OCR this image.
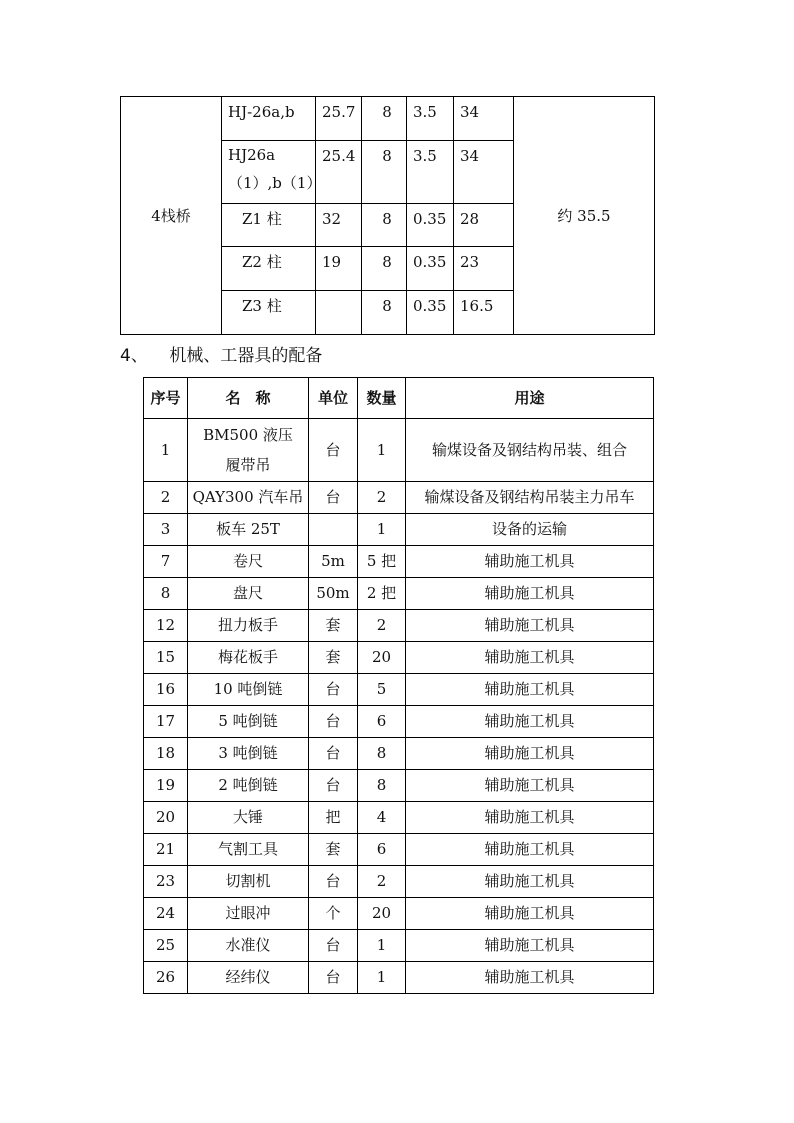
4栈桥	HJ-26a,b	25.7	8	3.5	34	约 35.5
	HJ26a （1）,b（1）	25.4	8	3.5	34	
	Z1 柱	32	8	0.35	28	
	Z2 柱	19	8	0.35	23	
	Z3 柱		8	0.35	16.5	
4、    机械、工器具的配备
序号	名　称	单位	数量	用途
1	BM500 液压履带吊	台	1	输煤设备及钢结构吊装、组合
2	QAY300 汽车吊	台	2	输煤设备及钢结构吊装主力吊车
3	板车 25T		1	设备的运输
7	卷尺	5m	5 把	辅助施工机具
8	盘尺	50m	2 把	辅助施工机具
12	扭力板手	套	2	辅助施工机具
15	梅花板手	套	20	辅助施工机具
16	10 吨倒链	台	5	辅助施工机具
17	5 吨倒链	台	6	辅助施工机具
18	3 吨倒链	台	8	辅助施工机具
19	2 吨倒链	台	8	辅助施工机具
20	大锤	把	4	辅助施工机具
21	气割工具	套	6	辅助施工机具
23	切割机	台	2	辅助施工机具
24	过眼冲	个	20	辅助施工机具
25	水准仪	台	1	辅助施工机具
26	经纬仪	台	1	辅助施工机具
